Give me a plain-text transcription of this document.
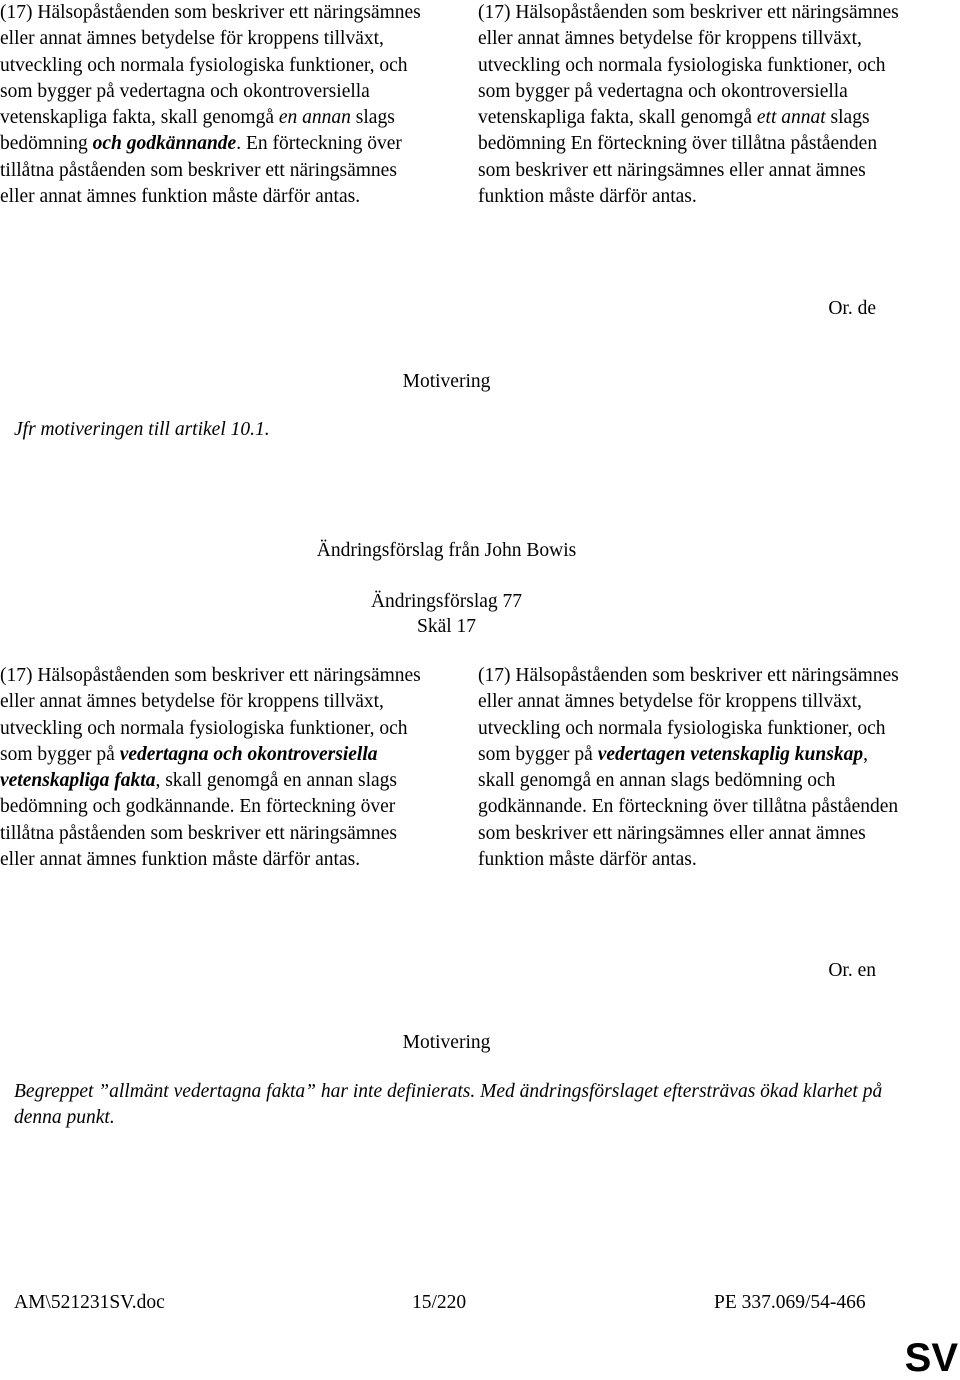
(17) Hälsopåståenden som beskriver ett näringsämnes eller annat ämnes betydelse för kroppens tillväxt, utveckling och normala fysiologiska funktioner, och som bygger på vedertagna och okontroversiella vetenskapliga fakta, skall genomgå en annan slags bedömning och godkännande. En förteckning över tillåtna påståenden som beskriver ett näringsämnes eller annat ämnes funktion måste därför antas.

(17) Hälsopåståenden som beskriver ett näringsämnes eller annat ämnes betydelse för kroppens tillväxt, utveckling och normala fysiologiska funktioner, och som bygger på vedertagna och okontroversiella vetenskapliga fakta, skall genomgå ett annat slags bedömning En förteckning över tillåtna påståenden som beskriver ett näringsämnes eller annat ämnes funktion måste därför antas.

Or. de
Motivering
Jfr motiveringen till artikel 10.1.
Ändringsförslag från John Bowis
Ändringsförslag 77
Skäl 17

(17) Hälsopåståenden som beskriver ett näringsämnes eller annat ämnes betydelse för kroppens tillväxt, utveckling och normala fysiologiska funktioner, och som bygger på vedertagna och okontroversiella vetenskapliga fakta, skall genomgå en annan slags bedömning och godkännande. En förteckning över tillåtna påståenden som beskriver ett näringsämnes eller annat ämnes funktion måste därför antas.

(17) Hälsopåståenden som beskriver ett näringsämnes eller annat ämnes betydelse för kroppens tillväxt, utveckling och normala fysiologiska funktioner, och som bygger på vedertagen vetenskaplig kunskap, skall genomgå en annan slags bedömning och godkännande. En förteckning över tillåtna påståenden som beskriver ett näringsämnes eller annat ämnes funktion måste därför antas.

Or. en
Motivering
Begreppet ”allmänt vedertagna fakta” har inte definierats. Med ändringsförslaget eftersträvas ökad klarhet på denna punkt.
AM\521231SV.doc	15/220	PE 337.069/54-466
SV
